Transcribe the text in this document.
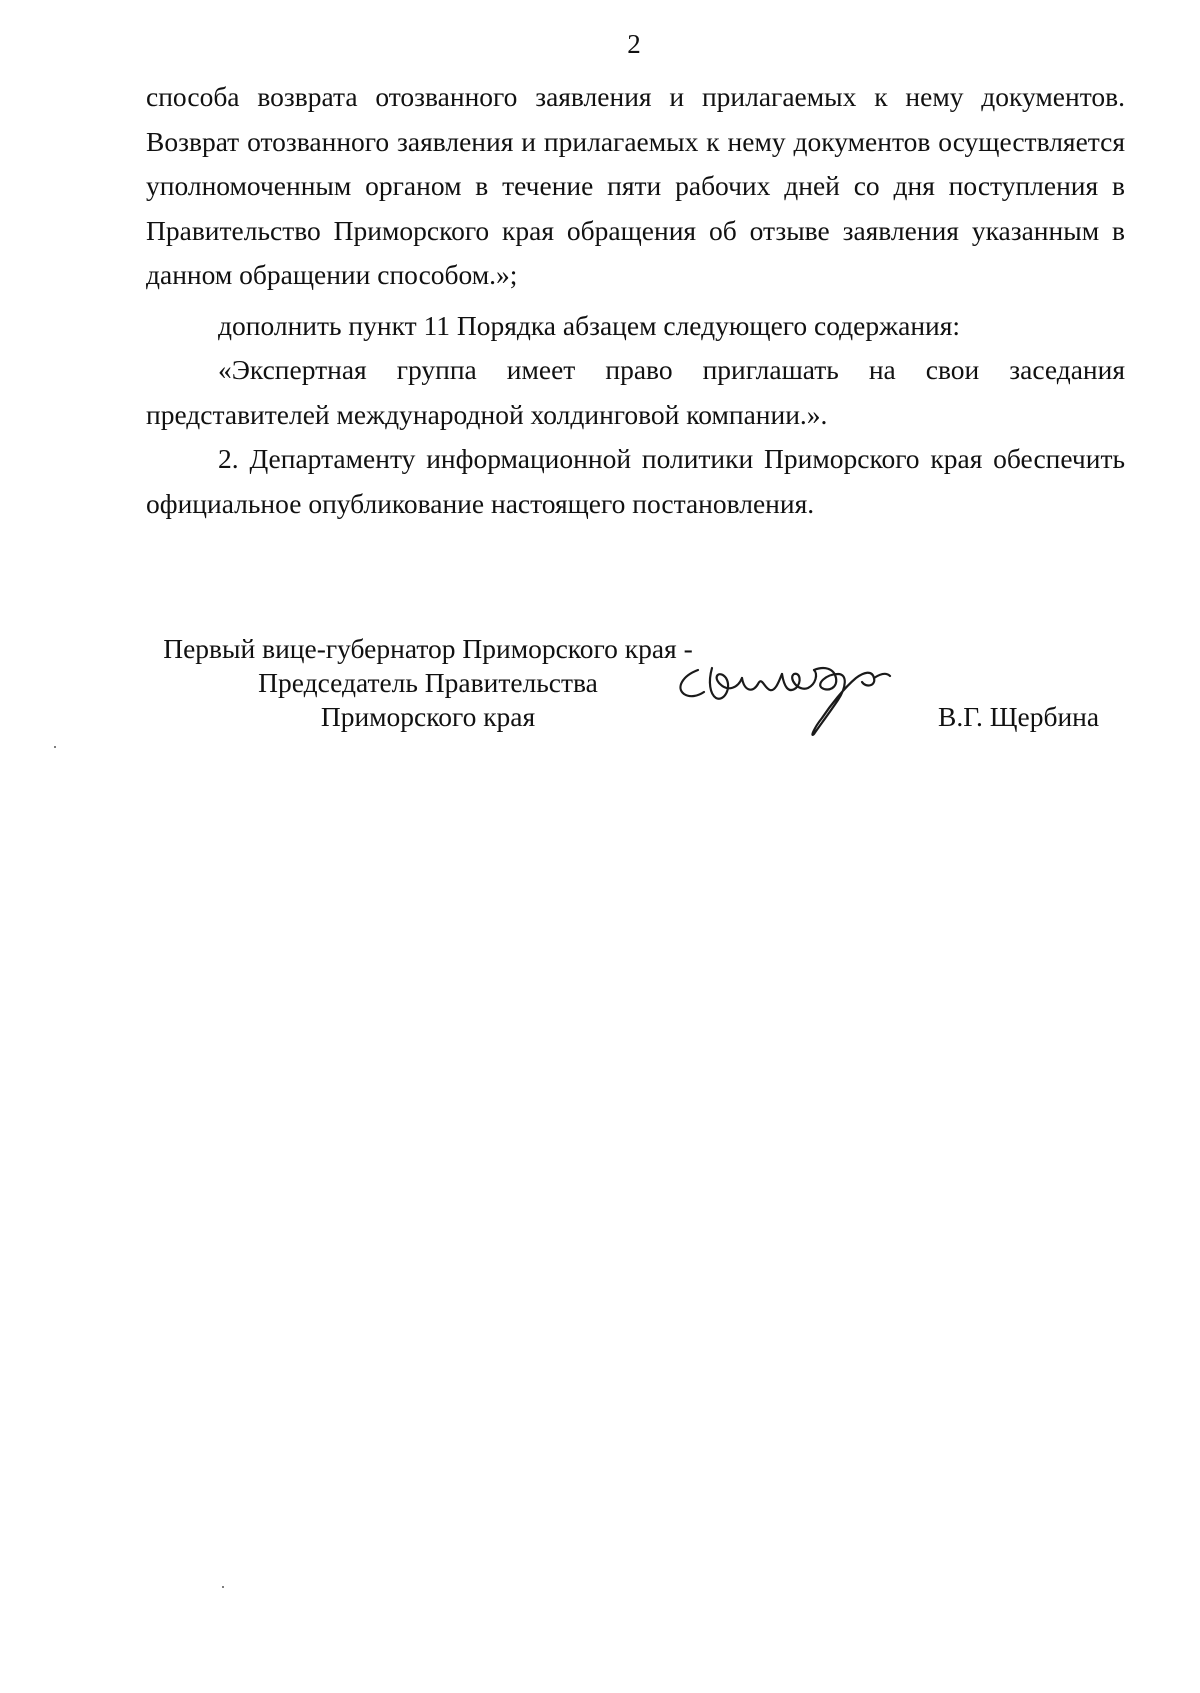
2

способа возврата отозванного заявления и прилагаемых к нему документов. Возврат отозванного заявления и прилагаемых к нему документов осуществляется уполномоченным органом в течение пяти рабочих дней со дня поступления в Правительство Приморского края обращения об отзыве заявления указанным в данном обращении способом.»;

дополнить пункт 11 Порядка абзацем следующего содержания:

«Экспертная группа имеет право приглашать на свои заседания представителей международной холдинговой компании.».

2. Департаменту информационной политики Приморского края обеспечить официальное опубликование настоящего постановления.

Первый вице-губернатор Приморского края -
Председатель Правительства
Приморского края	В.Г. Щербина
